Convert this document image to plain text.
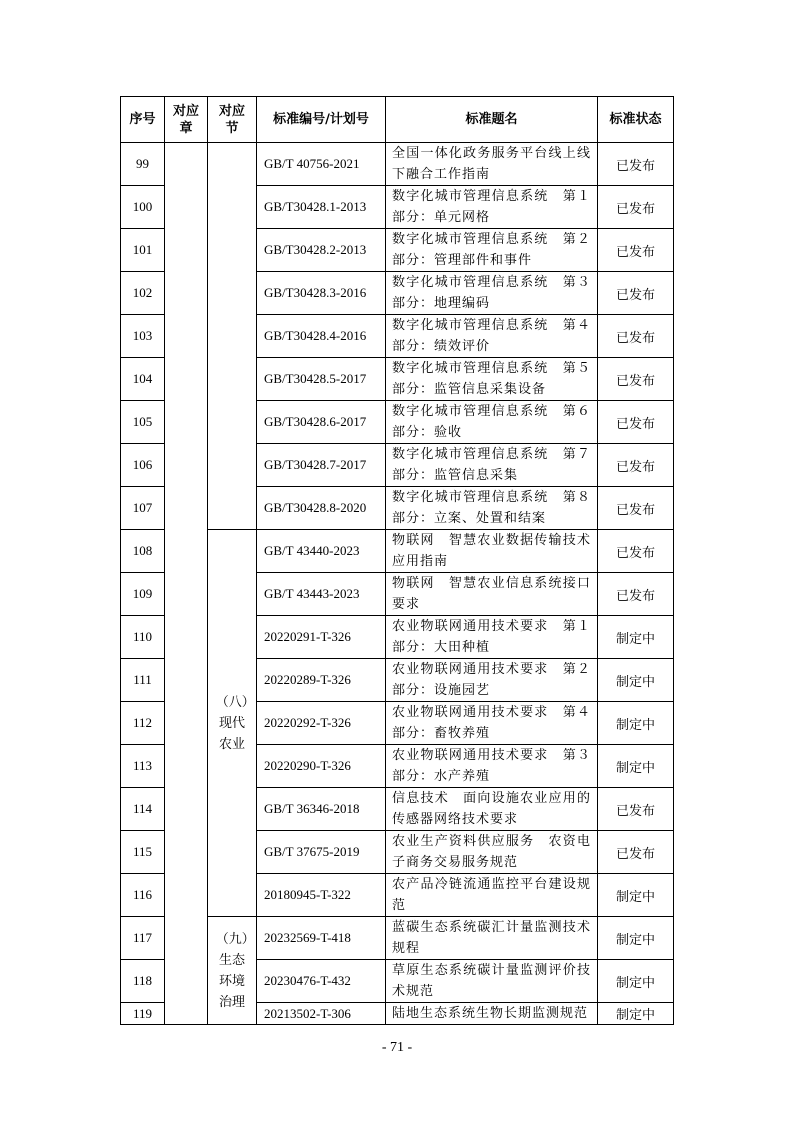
序号	对应章	对应节	标准编号/计划号	标准题名	标准状态
99			GB/T 40756-2021	全国一体化政务服务平台线上线下融合工作指南	已发布
100			GB/T30428.1-2013	数字化城市管理信息系统　第１部分：单元网格	已发布
101			GB/T30428.2-2013	数字化城市管理信息系统　第２部分：管理部件和事件	已发布
102			GB/T30428.3-2016	数字化城市管理信息系统　第３部分：地理编码	已发布
103			GB/T30428.4-2016	数字化城市管理信息系统　第４部分：绩效评价	已发布
104			GB/T30428.5-2017	数字化城市管理信息系统　第５部分：监管信息采集设备	已发布
105			GB/T30428.6-2017	数字化城市管理信息系统　第６部分：验收	已发布
106			GB/T30428.7-2017	数字化城市管理信息系统　第７部分：监管信息采集	已发布
107			GB/T30428.8-2020	数字化城市管理信息系统　第８部分：立案、处置和结案	已发布
108		（八）现代农业	GB/T 43440-2023	物联网　智慧农业数据传输技术应用指南	已发布
109			GB/T 43443-2023	物联网　智慧农业信息系统接口要求	已发布
110			20220291-T-326	农业物联网通用技术要求　第１部分：大田种植	制定中
111			20220289-T-326	农业物联网通用技术要求　第２部分：设施园艺	制定中
112			20220292-T-326	农业物联网通用技术要求　第４部分：畜牧养殖	制定中
113			20220290-T-326	农业物联网通用技术要求　第３部分：水产养殖	制定中
114			GB/T 36346-2018	信息技术　面向设施农业应用的传感器网络技术要求	已发布
115			GB/T 37675-2019	农业生产资料供应服务　农资电子商务交易服务规范	已发布
116			20180945-T-322	农产品冷链流通监控平台建设规范	制定中
117		（九）生态环境治理	20232569-T-418	蓝碳生态系统碳汇计量监测技术规程	制定中
118			20230476-T-432	草原生态系统碳计量监测评价技术规范	制定中
119			20213502-T-306	陆地生态系统生物长期监测规范	制定中
- 71 -
